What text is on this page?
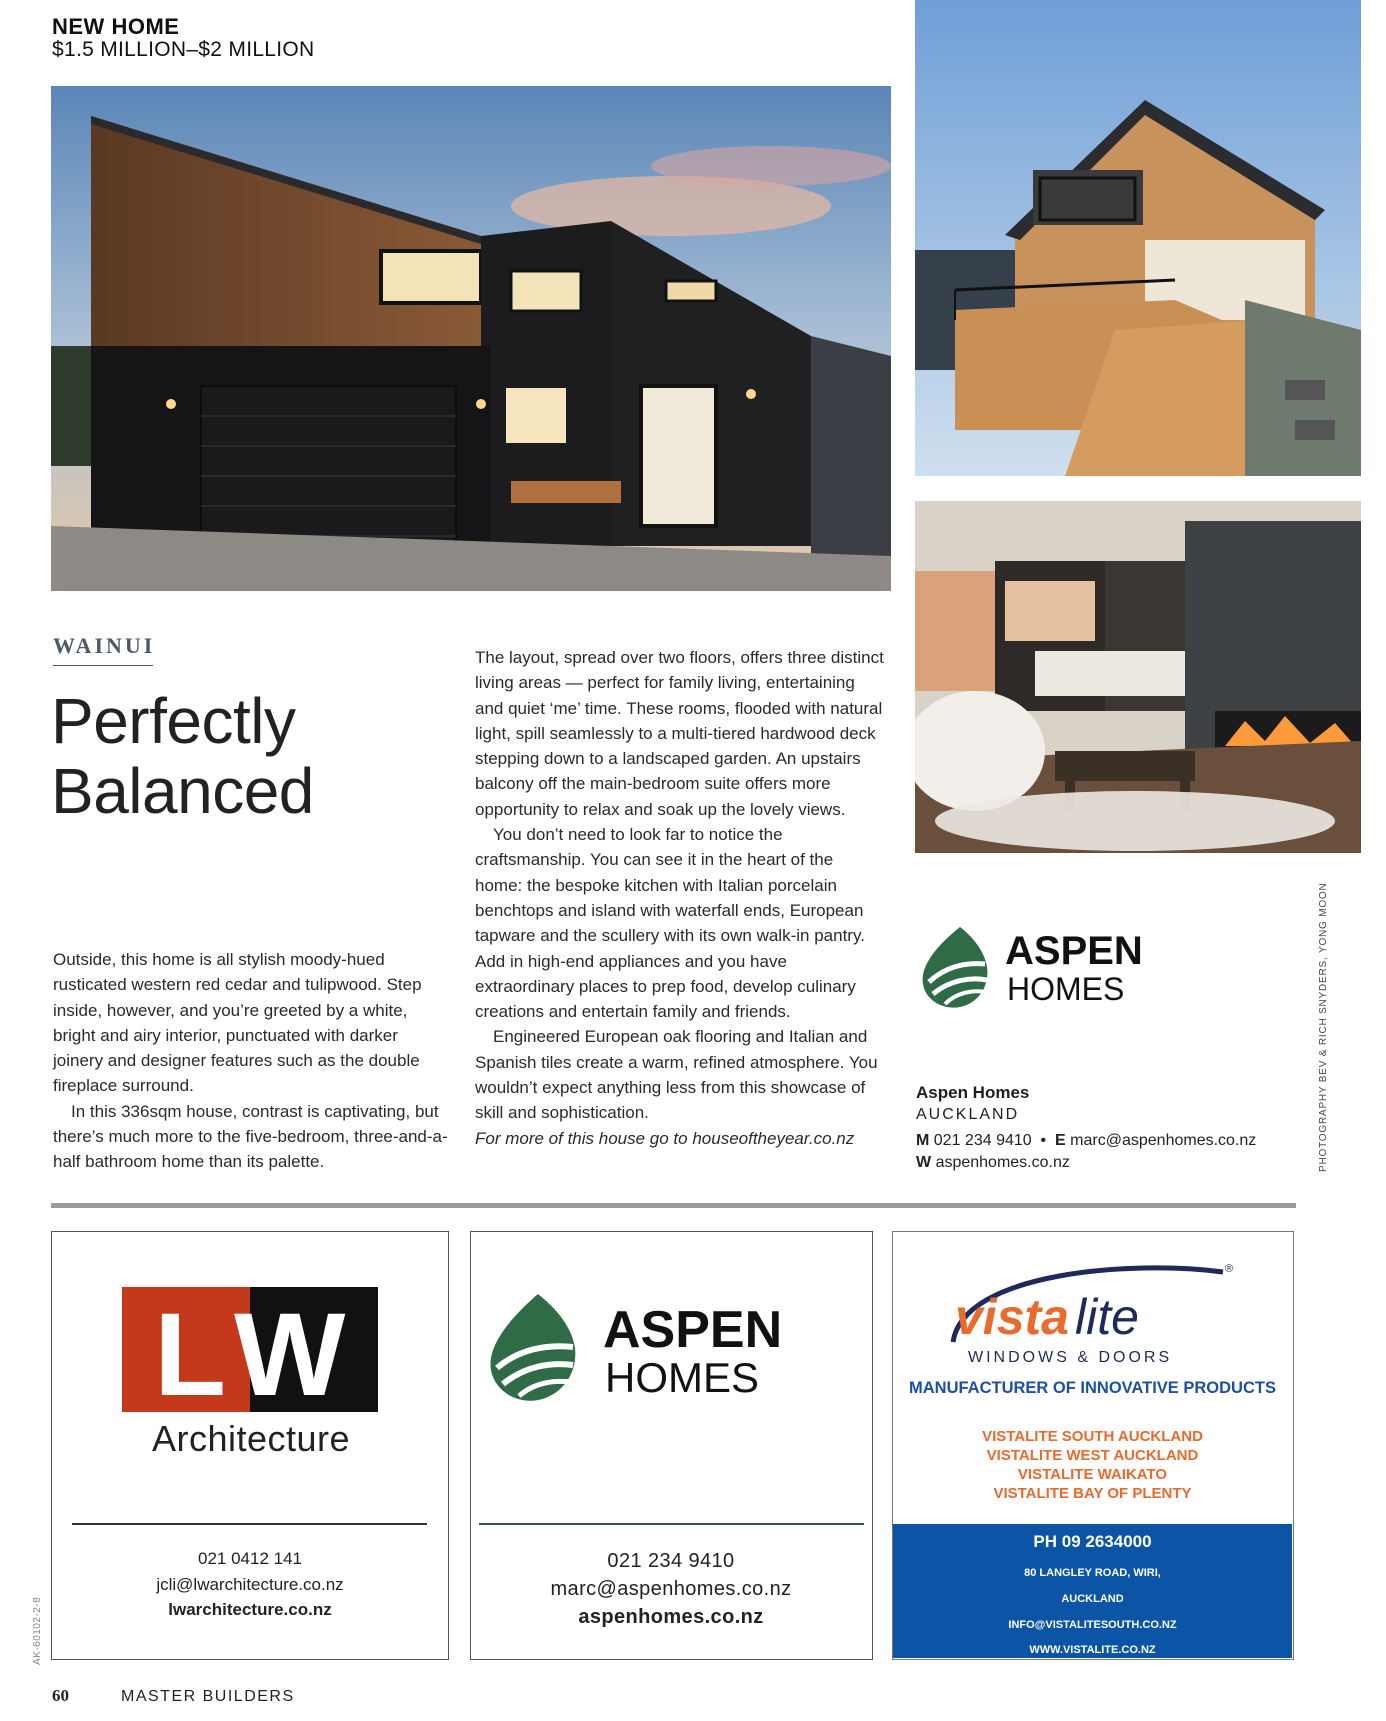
NEW HOME
$1.5 MILLION–$2 MILLION
WAINUI
Perfectly
Balanced

Outside, this home is all stylish moody-hued rusticated western red cedar and tulipwood. Step inside, however, and you’re greeted by a white, bright and airy interior, punctuated with darker joinery and designer features such as the double fireplace surround.

In this 336sqm house, contrast is captivating, but there’s much more to the five-bedroom, three-and-a-half bathroom home than its palette.

The layout, spread over two floors, offers three distinct living areas — perfect for family living, entertaining and quiet ‘me’ time. These rooms, flooded with natural light, spill seamlessly to a multi-tiered hardwood deck stepping down to a landscaped garden. An upstairs balcony off the main-bedroom suite offers more opportunity to relax and soak up the lovely views.

You don’t need to look far to notice the craftsmanship. You can see it in the heart of the home: the bespoke kitchen with Italian porcelain benchtops and island with waterfall ends, European tapware and the scullery with its own walk-in pantry. Add in high-end appliances and you have extraordinary places to prep food, develop culinary creations and entertain family and friends.

Engineered European oak flooring and Italian and Spanish tiles create a warm, refined atmosphere. You wouldn’t expect anything less from this showcase of skill and sophistication.

For more of this house go to houseoftheyear.co.nz

ASPEN
HOMES
Aspen Homes
AUCKLAND
M 021 234 9410 • E marc@aspenhomes.co.nz
W aspenhomes.co.nz	PHOTOGRAPHY BEV & RICH SNYDERS, YONG MOON
L W
Architecture
021 0412 141
jcli@lwarchitecture.co.nz
lwarchitecture.co.nz
ASPEN
HOMES
021 234 9410
marc@aspenhomes.co.nz
aspenhomes.co.nz
vista lite
®
WINDOWS & DOORS
MANUFACTURER OF INNOVATIVE PRODUCTS
VISTALITE SOUTH AUCKLAND
VISTALITE WEST AUCKLAND
VISTALITE WAIKATO
VISTALITE BAY OF PLENTY
PH 09 2634000
80 LANGLEY ROAD, WIRI,
AUCKLAND
INFO@VISTALITESOUTH.CO.NZ
WWW.VISTALITE.CO.NZ
AK-60102-2-8
60	MASTER BUILDERS
